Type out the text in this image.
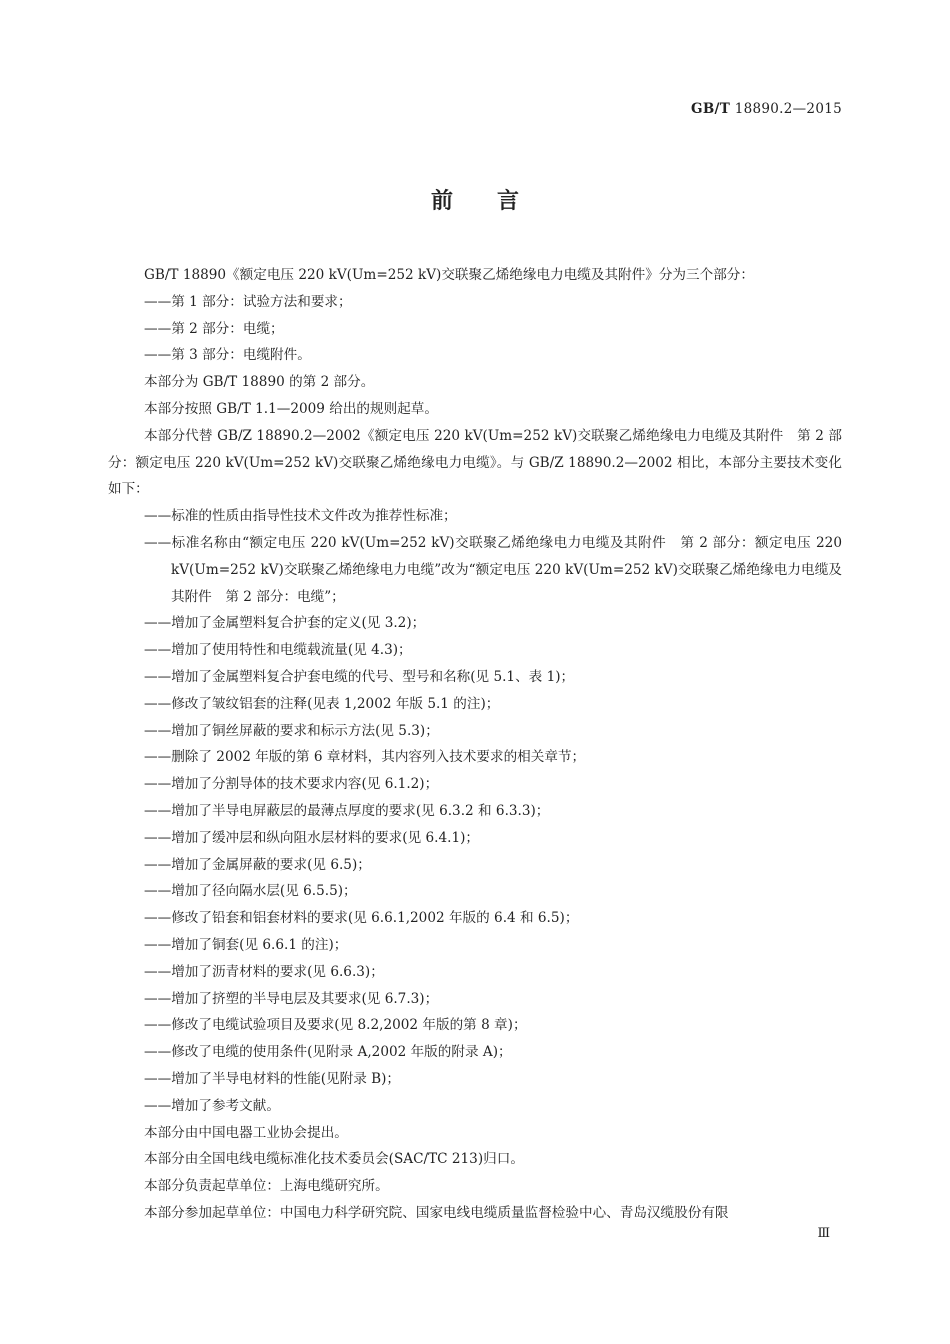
GB/T 18890.2—2015
前言

GB/T 18890《额定电压 220 kV(Um=252 kV)交联聚乙烯绝缘电力电缆及其附件》分为三个部分：

——第 1 部分：试验方法和要求；

——第 2 部分：电缆；

——第 3 部分：电缆附件。

本部分为 GB/T 18890 的第 2 部分。

本部分按照 GB/T 1.1—2009 给出的规则起草。

本部分代替 GB/Z 18890.2—2002《额定电压 220 kV(Um=252 kV)交联聚乙烯绝缘电力电缆及其附件　第 2 部分：额定电压 220 kV(Um=252 kV)交联聚乙烯绝缘电力电缆》。与 GB/Z 18890.2—2002 相比，本部分主要技术变化如下：

——标准的性质由指导性技术文件改为推荐性标准；

——标准名称由“额定电压 220 kV(Um=252 kV)交联聚乙烯绝缘电力电缆及其附件　第 2 部分：额定电压 220 kV(Um=252 kV)交联聚乙烯绝缘电力电缆”改为“额定电压 220 kV(Um=252 kV)交联聚乙烯绝缘电力电缆及其附件　第 2 部分：电缆”；

——增加了金属塑料复合护套的定义(见 3.2)；

——增加了使用特性和电缆载流量(见 4.3)；

——增加了金属塑料复合护套电缆的代号、型号和名称(见 5.1、表 1)；

——修改了皱纹铝套的注释(见表 1,2002 年版 5.1 的注)；

——增加了铜丝屏蔽的要求和标示方法(见 5.3)；

——删除了 2002 年版的第 6 章材料，其内容列入技术要求的相关章节；

——增加了分割导体的技术要求内容(见 6.1.2)；

——增加了半导电屏蔽层的最薄点厚度的要求(见 6.3.2 和 6.3.3)；

——增加了缓冲层和纵向阻水层材料的要求(见 6.4.1)；

——增加了金属屏蔽的要求(见 6.5)；

——增加了径向隔水层(见 6.5.5)；

——修改了铅套和铝套材料的要求(见 6.6.1,2002 年版的 6.4 和 6.5)；

——增加了铜套(见 6.6.1 的注)；

——增加了沥青材料的要求(见 6.6.3)；

——增加了挤塑的半导电层及其要求(见 6.7.3)；

——修改了电缆试验项目及要求(见 8.2,2002 年版的第 8 章)；

——修改了电缆的使用条件(见附录 A,2002 年版的附录 A)；

——增加了半导电材料的性能(见附录 B)；

——增加了参考文献。

本部分由中国电器工业协会提出。

本部分由全国电线电缆标准化技术委员会(SAC/TC 213)归口。

本部分负责起草单位：上海电缆研究所。

本部分参加起草单位：中国电力科学研究院、国家电线电缆质量监督检验中心、青岛汉缆股份有限

Ⅲ
